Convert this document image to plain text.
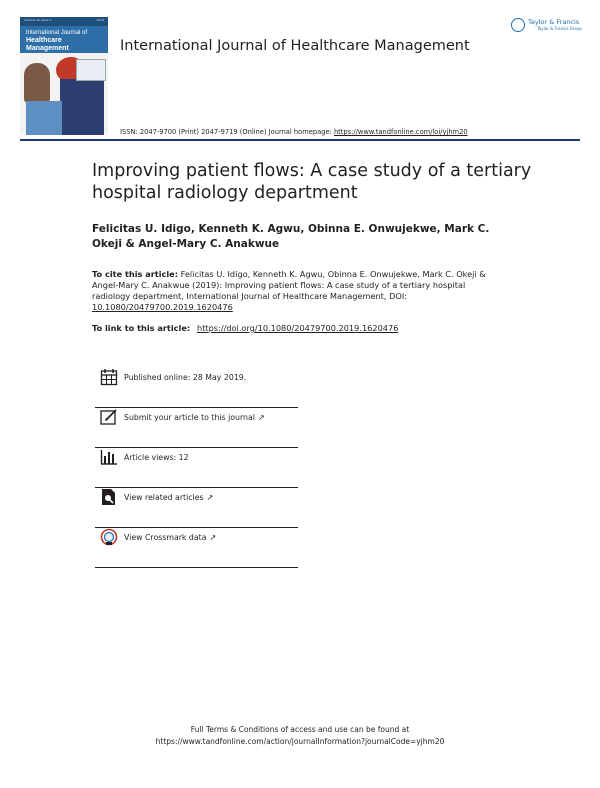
Volume 12 Issue 1	2019
International Journal of
Healthcare Management	International Journal of Healthcare Management
Taylor & Francis
Taylor & Francis Group
ISSN: 2047-9700 (Print) 2047-9719 (Online) Journal homepage: https://www.tandfonline.com/loi/yjhm20
Improving patient flows: A case study of a tertiary hospital radiology department
Felicitas U. Idigo, Kenneth K. Agwu, Obinna E. Onwujekwe, Mark C. Okeji & Angel-Mary C. Anakwue
To cite this article: Felicitas U. Idigo, Kenneth K. Agwu, Obinna E. Onwujekwe, Mark C. Okeji & Angel-Mary C. Anakwue (2019): Improving patient flows: A case study of a tertiary hospital radiology department, International Journal of Healthcare Management, DOI: 10.1080/20479700.2019.1620476
To link to this article: https://doi.org/10.1080/20479700.2019.1620476
Published online: 28 May 2019.
Submit your article to this journal ↗
Article views: 12
View related articles ↗
View Crossmark data ↗
Full Terms & Conditions of access and use can be found at
https://www.tandfonline.com/action/journalInformation?journalCode=yjhm20
